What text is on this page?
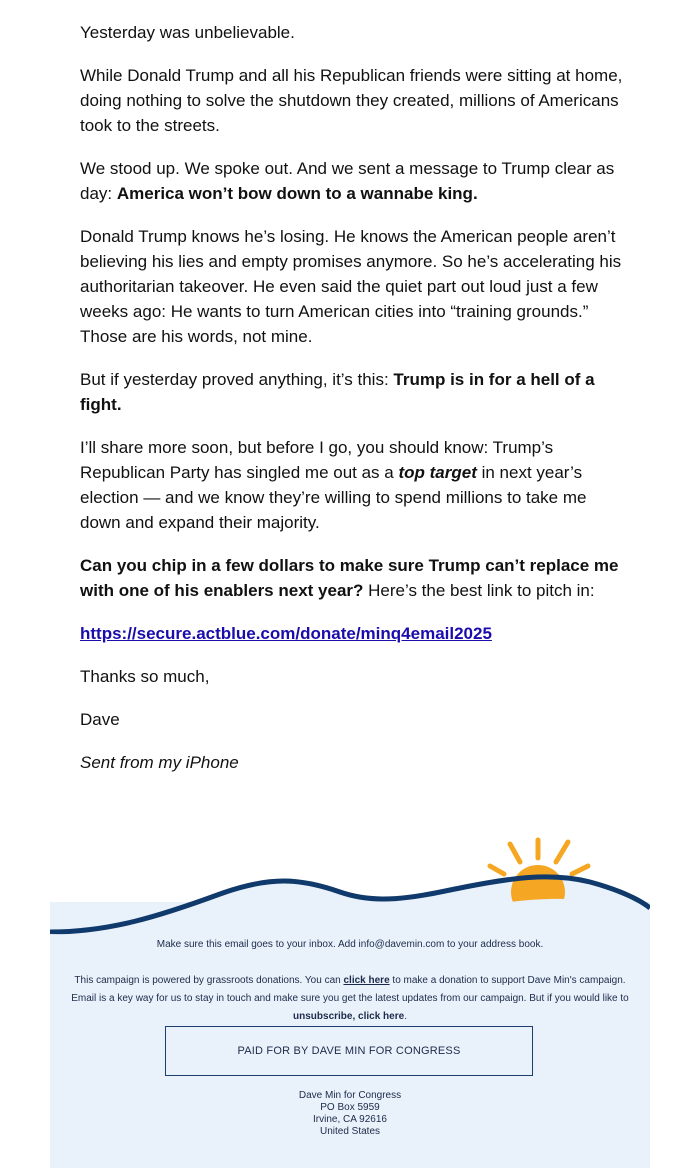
Yesterday was unbelievable.

While Donald Trump and all his Republican friends were sitting at home, doing nothing to solve the shutdown they created, millions of Americans took to the streets.

We stood up. We spoke out. And we sent a message to Trump clear as day: America won’t bow down to a wannabe king.

Donald Trump knows he’s losing. He knows the American people aren’t believing his lies and empty promises anymore. So he’s accelerating his authoritarian takeover. He even said the quiet part out loud just a few weeks ago: He wants to turn American cities into “training grounds.” Those are his words, not mine.

But if yesterday proved anything, it’s this: Trump is in for a hell of a fight.

I’ll share more soon, but before I go, you should know: Trump’s Republican Party has singled me out as a top target in next year’s election — and we know they’re willing to spend millions to take me down and expand their majority.

Can you chip in a few dollars to make sure Trump can’t replace me with one of his enablers next year? Here’s the best link to pitch in:

https://secure.actblue.com/donate/minq4email2025

Thanks so much,

Dave

Sent from my iPhone

Make sure this email goes to your inbox. Add info@davemin.com to your address book.
This campaign is powered by grassroots donations. You can click here to make a donation to support Dave Min's campaign. Email is a key way for us to stay in touch and make sure you get the latest updates from our campaign. But if you would like to unsubscribe, click here.
PAID FOR BY DAVE MIN FOR CONGRESS
Dave Min for Congress
PO Box 5959
Irvine, CA 92616
United States
